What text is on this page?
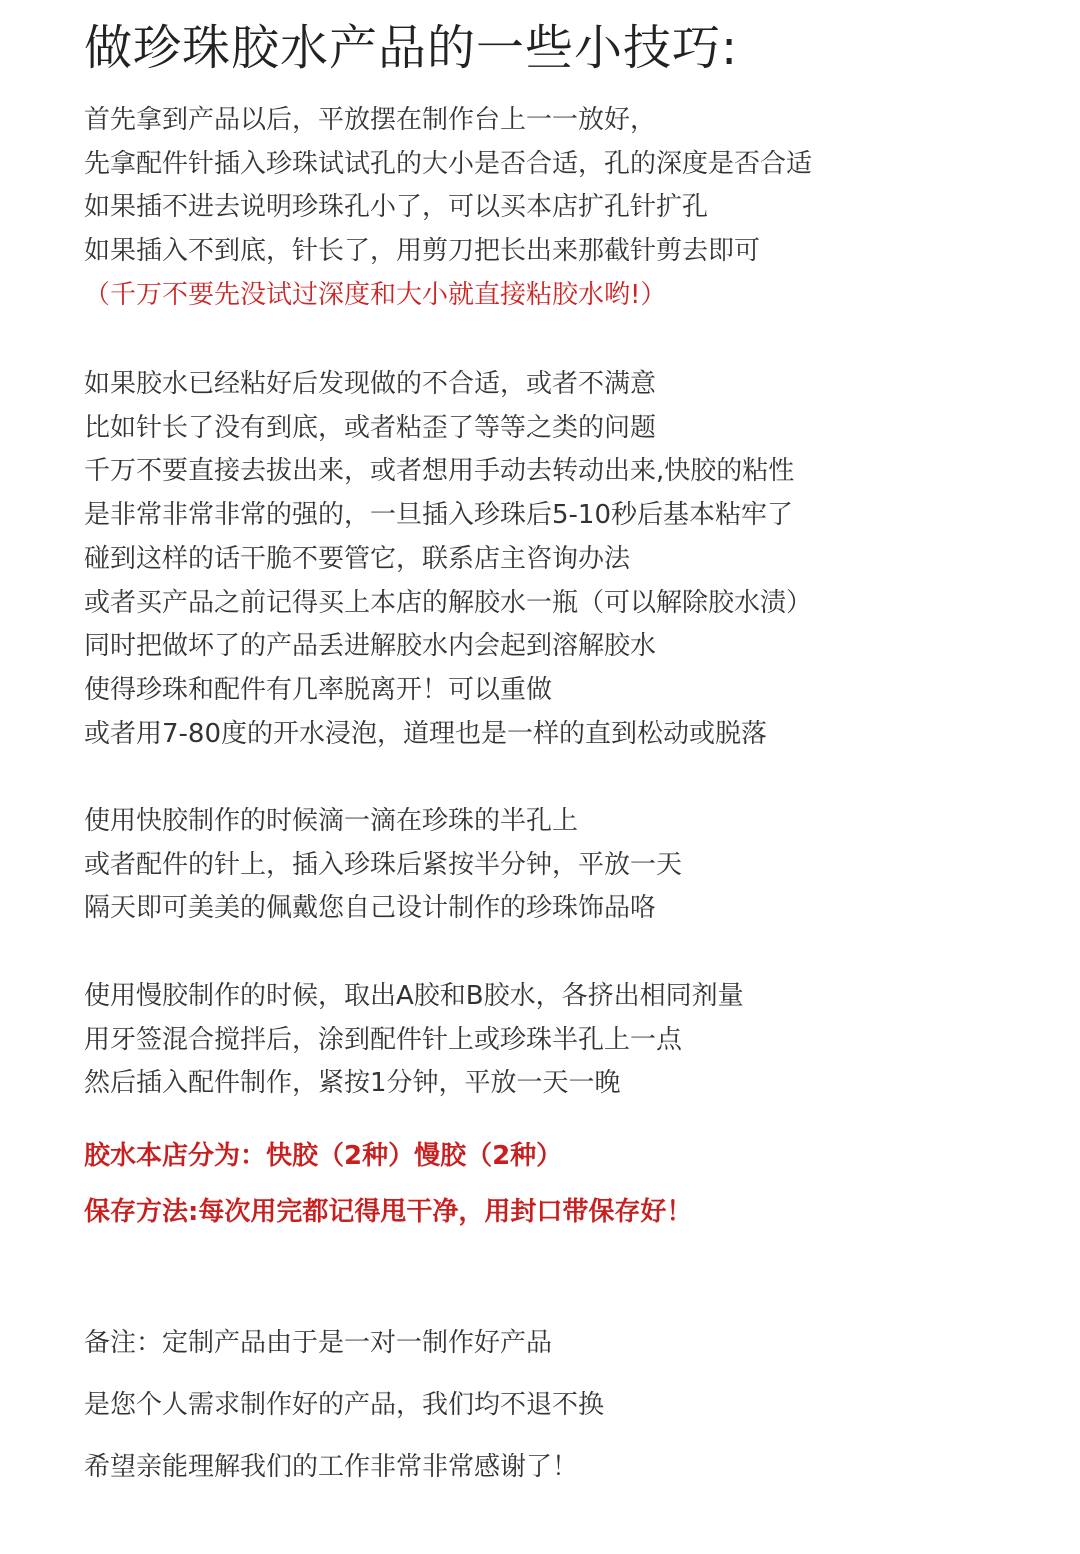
做珍珠胶水产品的一些小技巧:
首先拿到产品以后，平放摆在制作台上一一放好，
先拿配件针插入珍珠试试孔的大小是否合适，孔的深度是否合适
如果插不进去说明珍珠孔小了，可以买本店扩孔针扩孔
如果插入不到底，针长了，用剪刀把长出来那截针剪去即可
（千万不要先没试过深度和大小就直接粘胶水哟!）
如果胶水已经粘好后发现做的不合适，或者不满意
比如针长了没有到底，或者粘歪了等等之类的问题
千万不要直接去拔出来，或者想用手动去转动出来,快胶的粘性
是非常非常非常的强的，一旦插入珍珠后5-10秒后基本粘牢了
碰到这样的话干脆不要管它，联系店主咨询办法
或者买产品之前记得买上本店的解胶水一瓶（可以解除胶水渍）
同时把做坏了的产品丢进解胶水内会起到溶解胶水
使得珍珠和配件有几率脱离开！可以重做
或者用7-80度的开水浸泡，道理也是一样的直到松动或脱落
使用快胶制作的时候滴一滴在珍珠的半孔上
或者配件的针上，插入珍珠后紧按半分钟，平放一天
隔天即可美美的佩戴您自己设计制作的珍珠饰品咯
使用慢胶制作的时候，取出A胶和B胶水，各挤出相同剂量
用牙签混合搅拌后，涂到配件针上或珍珠半孔上一点
然后插入配件制作，紧按1分钟，平放一天一晚

胶水本店分为：快胶（2种）慢胶（2种）

保存方法:每次用完都记得甩干净，用封口带保存好！

备注：定制产品由于是一对一制作好产品
是您个人需求制作好的产品，我们均不退不换
希望亲能理解我们的工作非常非常感谢了！
